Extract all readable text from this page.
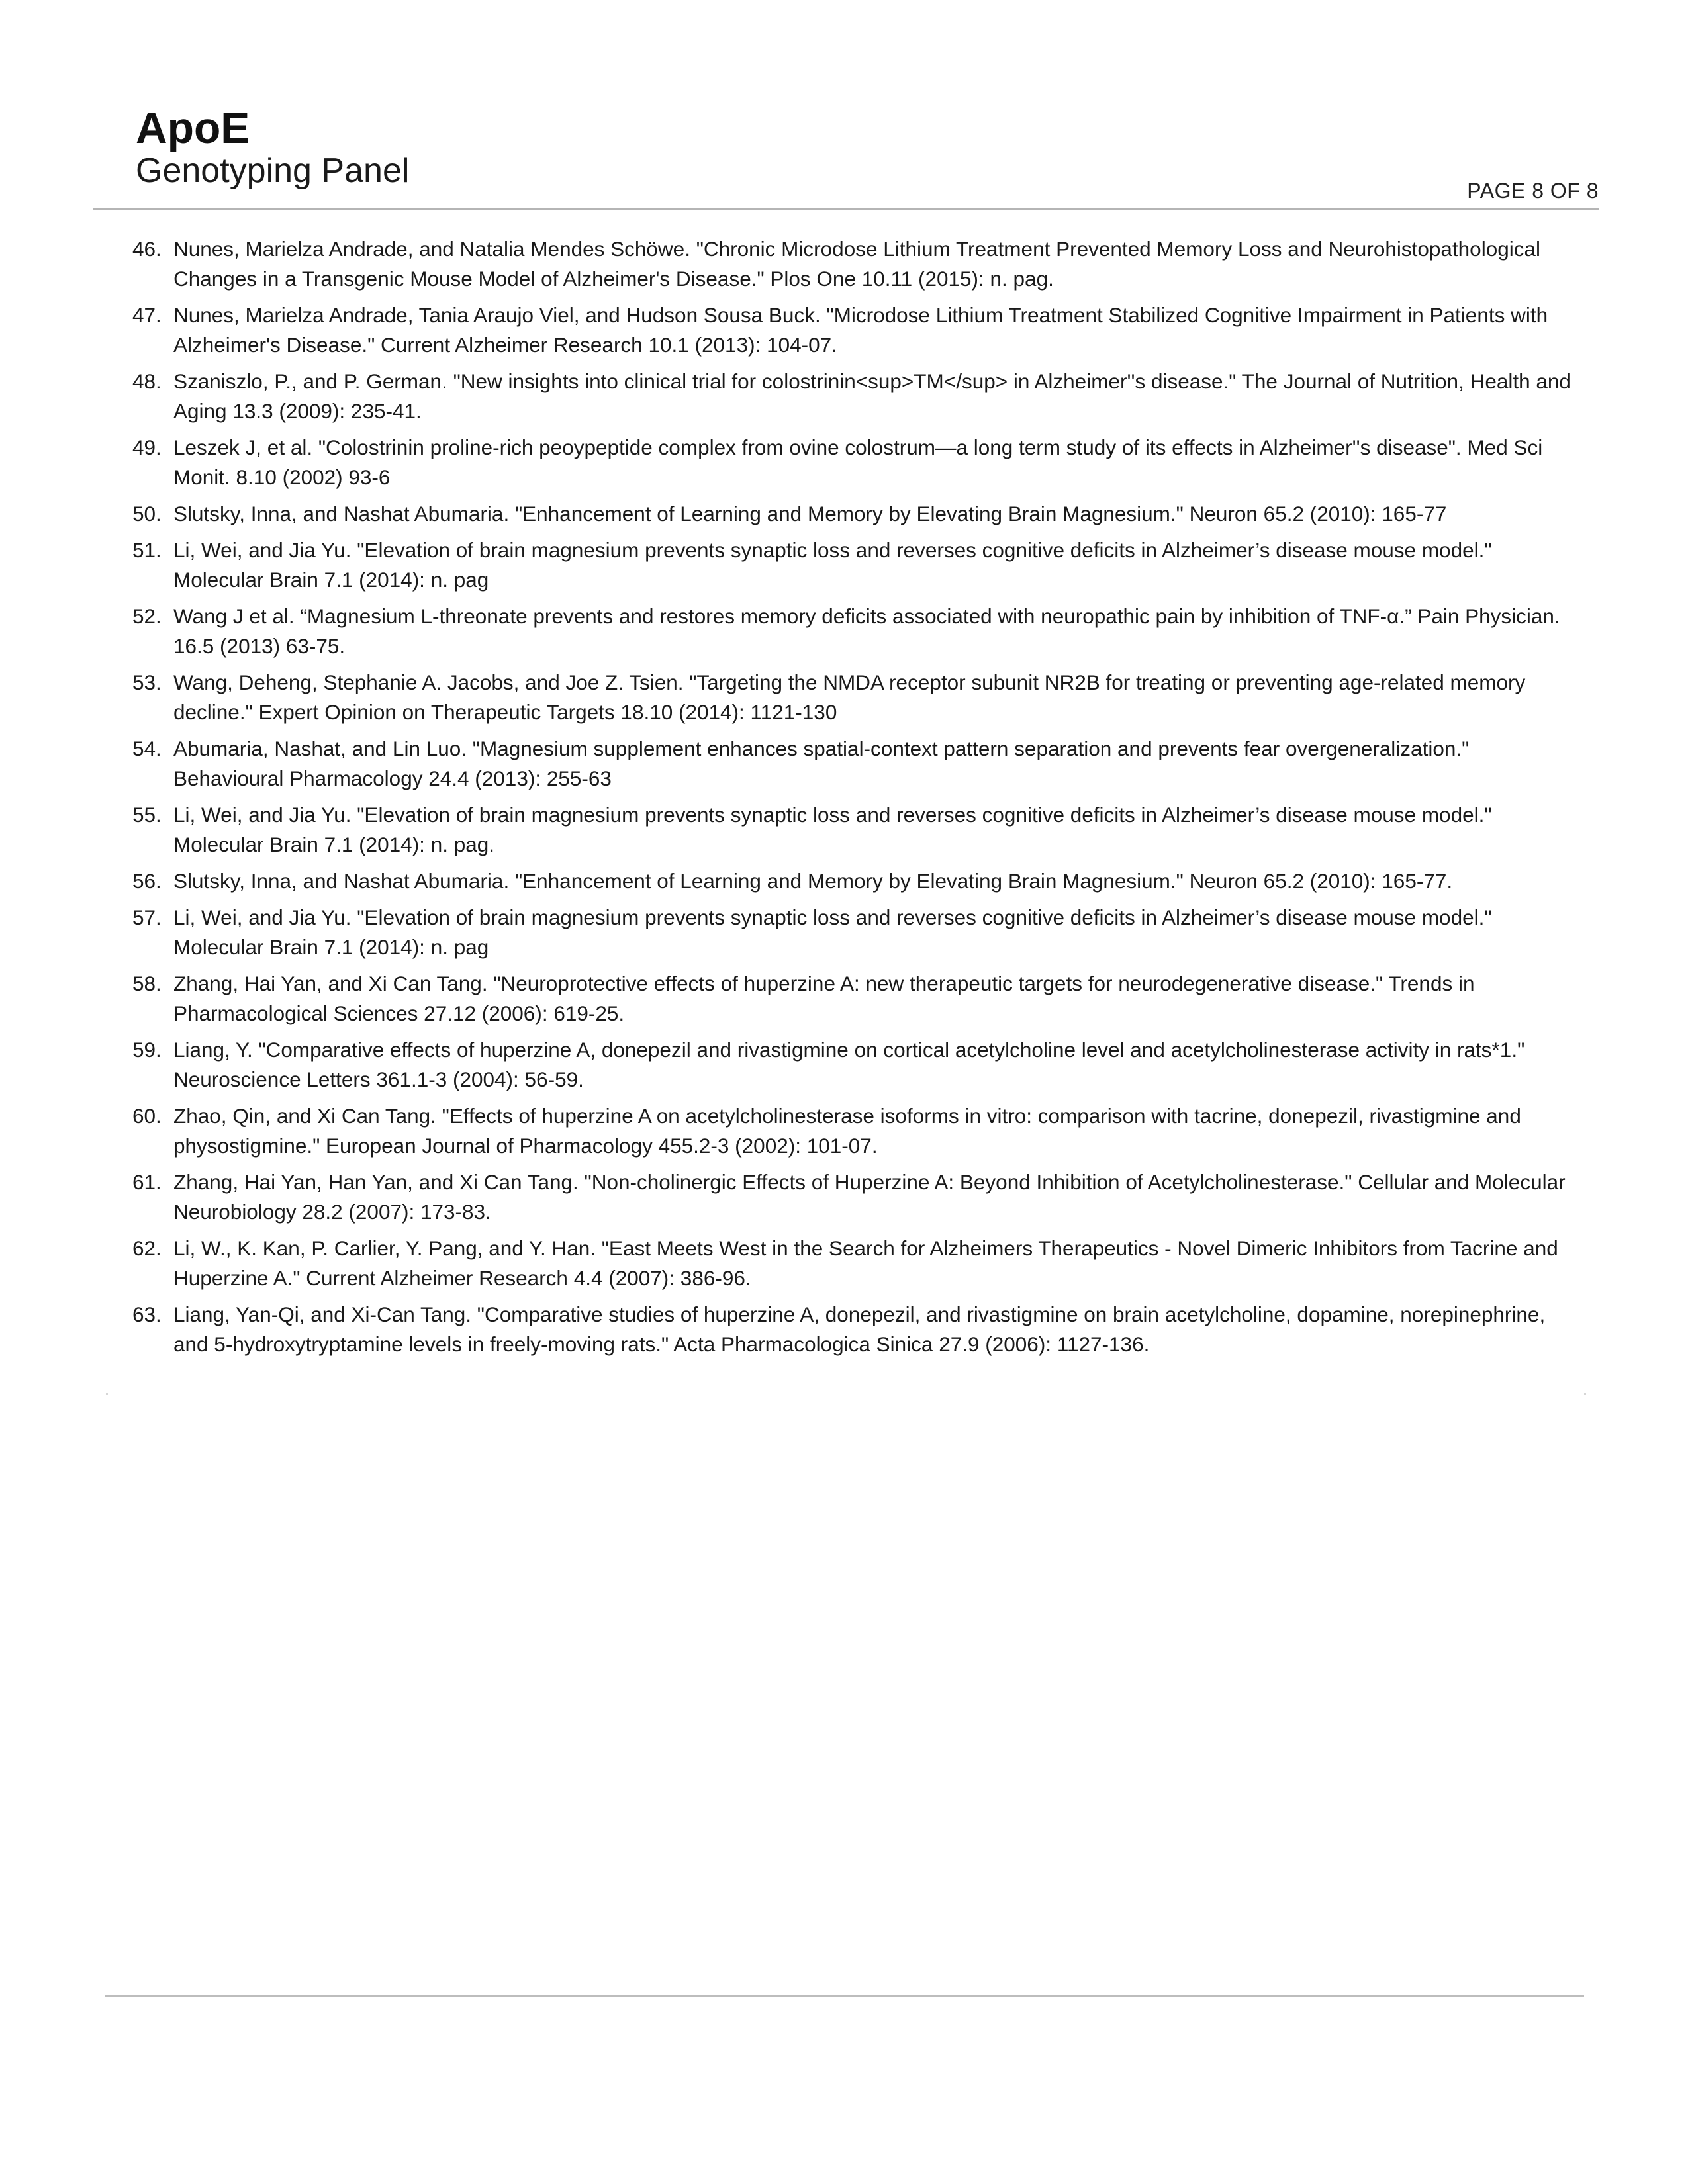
ApoE
Genotyping Panel
PAGE 8 OF 8
46. Nunes, Marielza Andrade, and Natalia Mendes Schöwe. "Chronic Microdose Lithium Treatment Prevented Memory Loss and Neurohistopathological Changes in a Transgenic Mouse Model of Alzheimer's Disease." Plos One 10.11 (2015): n. pag.
47. Nunes, Marielza Andrade, Tania Araujo Viel, and Hudson Sousa Buck. "Microdose Lithium Treatment Stabilized Cognitive Impairment in Patients with Alzheimer's Disease." Current Alzheimer Research 10.1 (2013): 104-07.
48. Szaniszlo, P., and P. German. "New insights into clinical trial for colostrinin<sup>TM</sup> in Alzheimer''s disease." The Journal of Nutrition, Health and Aging 13.3 (2009): 235-41.
49. Leszek J, et al. "Colostrinin proline-rich peoypeptide complex from ovine colostrum—a long term study of its effects in Alzheimer''s disease". Med Sci Monit. 8.10 (2002) 93-6
50. Slutsky, Inna, and Nashat Abumaria. "Enhancement of Learning and Memory by Elevating Brain Magnesium." Neuron 65.2 (2010): 165-77
51. Li, Wei, and Jia Yu. "Elevation of brain magnesium prevents synaptic loss and reverses cognitive deficits in Alzheimer’s disease mouse model." Molecular Brain 7.1 (2014): n. pag
52. Wang J et al. “Magnesium L-threonate prevents and restores memory deficits associated with neuropathic pain by inhibition of TNF-α.” Pain Physician. 16.5 (2013) 63-75.
53. Wang, Deheng, Stephanie A. Jacobs, and Joe Z. Tsien. "Targeting the NMDA receptor subunit NR2B for treating or preventing age-related memory decline." Expert Opinion on Therapeutic Targets 18.10 (2014): 1121-130
54. Abumaria, Nashat, and Lin Luo. "Magnesium supplement enhances spatial-context pattern separation and prevents fear overgeneralization." Behavioural Pharmacology 24.4 (2013): 255-63
55. Li, Wei, and Jia Yu. "Elevation of brain magnesium prevents synaptic loss and reverses cognitive deficits in Alzheimer’s disease mouse model." Molecular Brain 7.1 (2014): n. pag.
56. Slutsky, Inna, and Nashat Abumaria. "Enhancement of Learning and Memory by Elevating Brain Magnesium." Neuron 65.2 (2010): 165-77.
57. Li, Wei, and Jia Yu. "Elevation of brain magnesium prevents synaptic loss and reverses cognitive deficits in Alzheimer’s disease mouse model." Molecular Brain 7.1 (2014): n. pag
58. Zhang, Hai Yan, and Xi Can Tang. "Neuroprotective effects of huperzine A: new therapeutic targets for neurodegenerative disease." Trends in Pharmacological Sciences 27.12 (2006): 619-25.
59. Liang, Y. "Comparative effects of huperzine A, donepezil and rivastigmine on cortical acetylcholine level and acetylcholinesterase activity in rats*1." Neuroscience Letters 361.1-3 (2004): 56-59.
60. Zhao, Qin, and Xi Can Tang. "Effects of huperzine A on acetylcholinesterase isoforms in vitro: comparison with tacrine, donepezil, rivastigmine and physostigmine." European Journal of Pharmacology 455.2-3 (2002): 101-07.
61. Zhang, Hai Yan, Han Yan, and Xi Can Tang. "Non-cholinergic Effects of Huperzine A: Beyond Inhibition of Acetylcholinesterase." Cellular and Molecular Neurobiology 28.2 (2007): 173-83.
62. Li, W., K. Kan, P. Carlier, Y. Pang, and Y. Han. "East Meets West in the Search for Alzheimers Therapeutics - Novel Dimeric Inhibitors from Tacrine and Huperzine A." Current Alzheimer Research 4.4 (2007): 386-96.
63. Liang, Yan-Qi, and Xi-Can Tang. "Comparative studies of huperzine A, donepezil, and rivastigmine on brain acetylcholine, dopamine, norepinephrine, and 5-hydroxytryptamine levels in freely-moving rats." Acta Pharmacologica Sinica 27.9 (2006): 1127-136.
